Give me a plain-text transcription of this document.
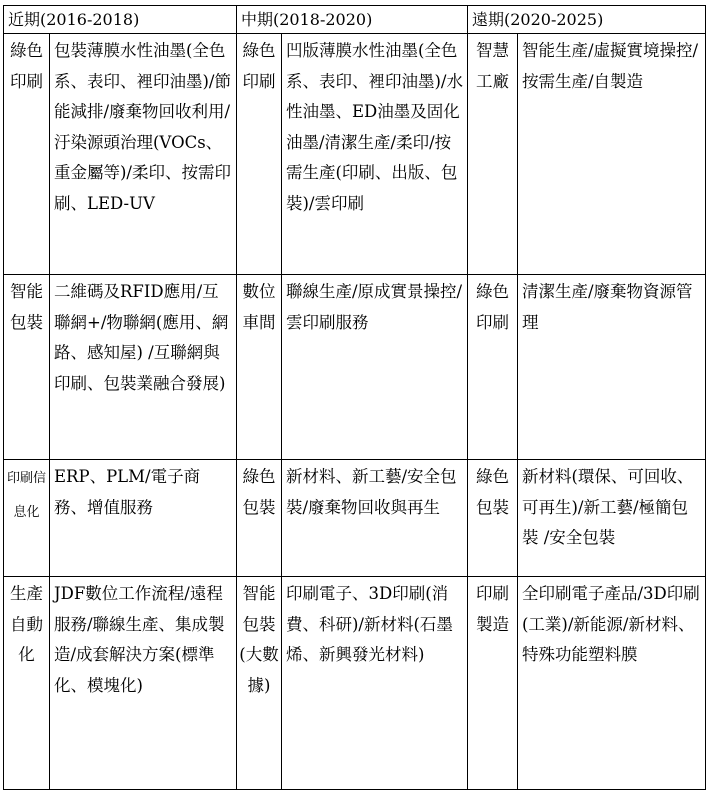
近期(2016-2018)		中期(2018-2020)		遠期(2020-2025)	
綠色印刷	包裝薄膜水性油墨(全色系、表印、裡印油墨)/節能減排/廢棄物回收利用/汙染源頭治理(VOCs、重金屬等)/柔印、按需印刷、LED-UV	綠色印刷	凹版薄膜水性油墨(全色系、表印、裡印油墨)/水性油墨、ED油墨及固化油墨/清潔生產/柔印/按需生產(印刷、出版、包裝)/雲印刷	智慧工廠	智能生產/虛擬實境操控/按需生產/自製造
智能包裝	二維碼及RFID應用/互聯網+/物聯網(應用、網路、感知屋) /互聯網與印刷、包裝業融合發展)	數位車間	聯線生產/原成實景操控/雲印刷服務	綠色印刷	清潔生產/廢棄物資源管理
印刷信息化	ERP、PLM/電子商務、增值服務	綠色包裝	新材料、新工藝/安全包裝/廢棄物回收與再生	綠色包裝	新材料(環保、可回收、可再生)/新工藝/極簡包裝 /安全包裝
生產自動化	JDF數位工作流程/遠程服務/聯線生產、集成製造/成套解決方案(標準化、模塊化)	智能包裝(大數據)	印刷電子、3D印刷(消費、科研)/新材料(石墨烯、新興發光材料)	印刷製造	全印刷電子產品/3D印刷(工業)/新能源/新材料、特殊功能塑料膜
